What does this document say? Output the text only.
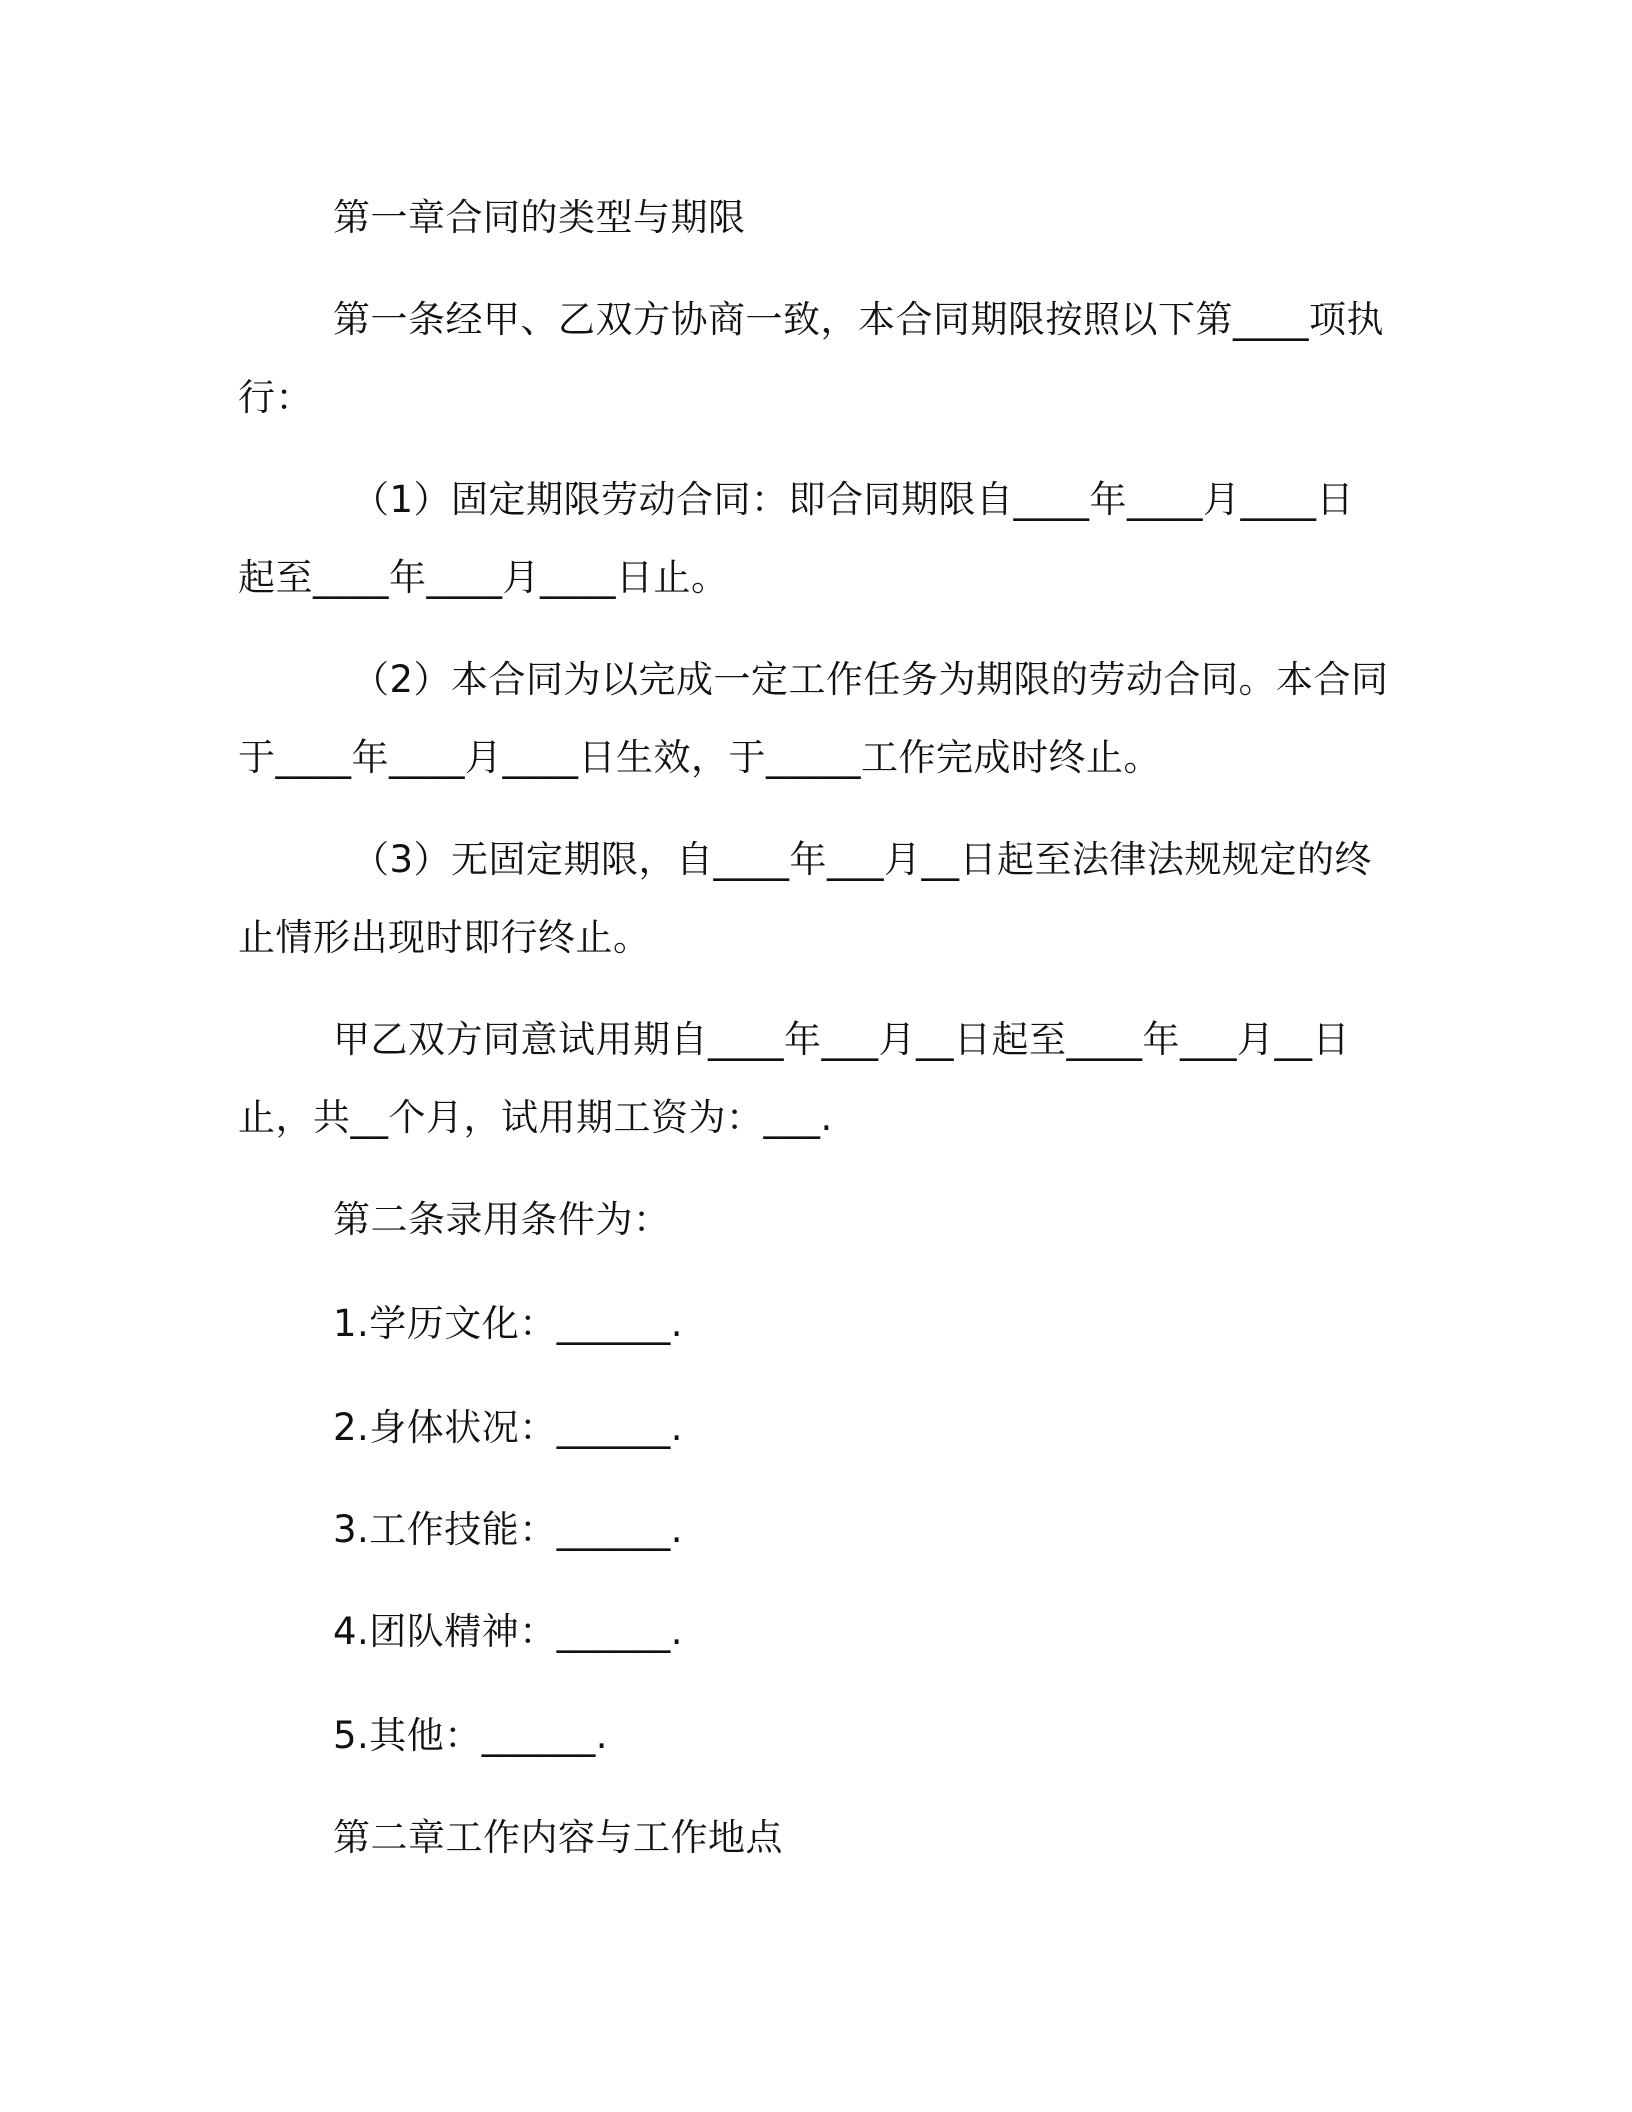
第一章合同的类型与期限

第一条经甲、乙双方协商一致，本合同期限按照以下第____项执

行：

（1）固定期限劳动合同：即合同期限自____年____月____日

起至____年____月____日止。

（2）本合同为以完成一定工作任务为期限的劳动合同。本合同

于____年____月____日生效，于_____工作完成时终止。

（3）无固定期限，自____年___月__日起至法律法规规定的终

止情形出现时即行终止。

甲乙双方同意试用期自____年___月__日起至____年___月__日

止，共__个月，试用期工资为：___.

第二条录用条件为：

1.学历文化：______.

2.身体状况：______.

3.工作技能：______.

4.团队精神：______.

5.其他：______.

第二章工作内容与工作地点
